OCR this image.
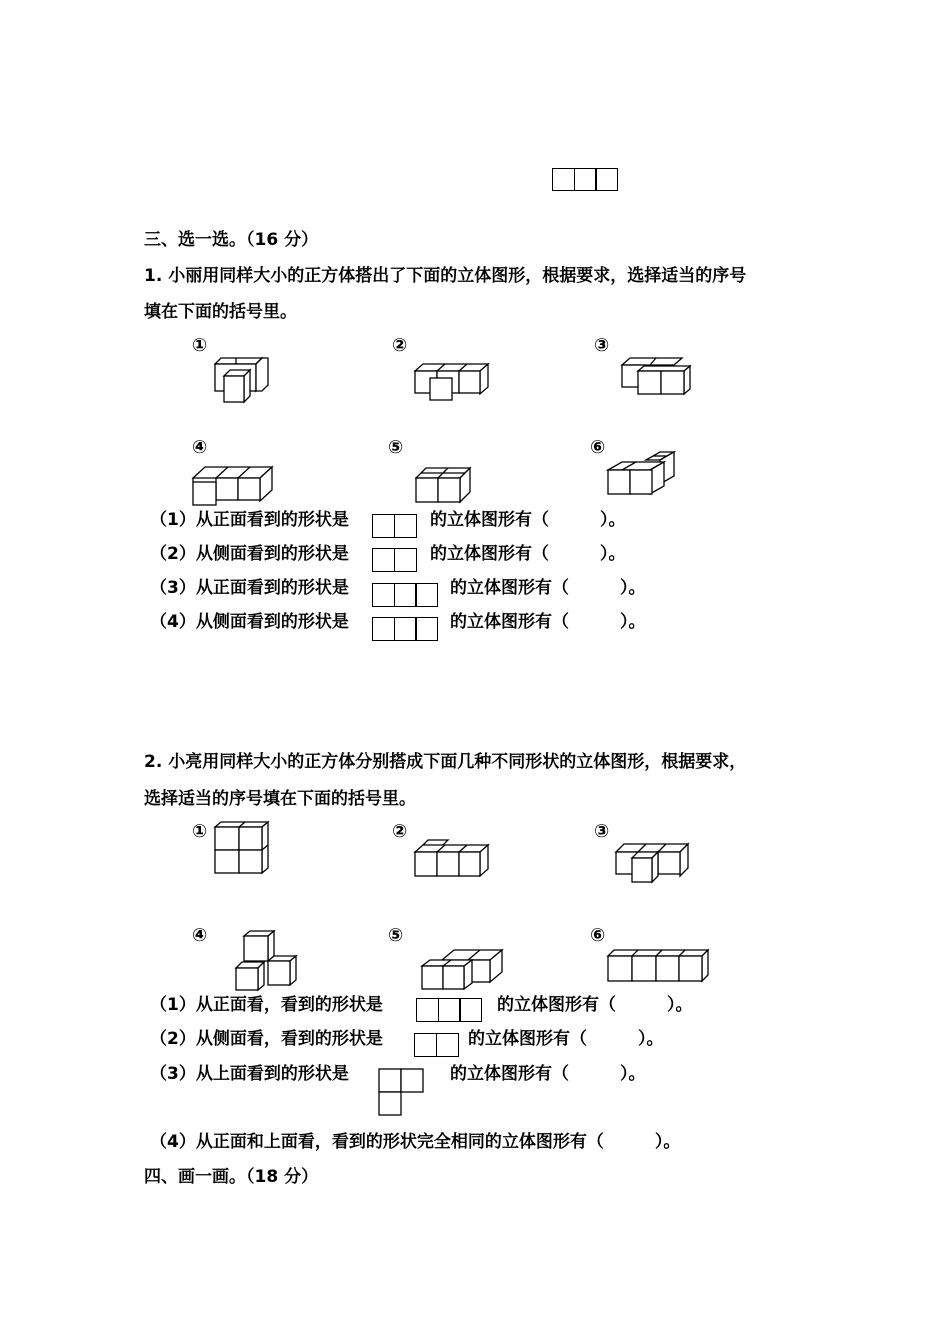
三、选一选。（16 分）
1. 小丽用同样大小的正方体搭出了下面的立体图形，根据要求，选择适当的序号
填在下面的括号里。
①	②	③
④	⑤	⑥
（1）从正面看到的形状是	的立体图形有（　　　）。
（2）从侧面看到的形状是	的立体图形有（　　　）。
（3）从正面看到的形状是	的立体图形有（　　　）。
（4）从侧面看到的形状是	的立体图形有（　　　）。
2. 小亮用同样大小的正方体分别搭成下面几种不同形状的立体图形，根据要求，
选择适当的序号填在下面的括号里。
①	②	③
④	⑤	⑥
（1）从正面看，看到的形状是	的立体图形有（　　　）。
（2）从侧面看，看到的形状是	的立体图形有（　　　）。
（3）从上面看到的形状是	的立体图形有（　　　）。
（4）从正面和上面看，看到的形状完全相同的立体图形有（　　　）。
四、画一画。（18 分）
